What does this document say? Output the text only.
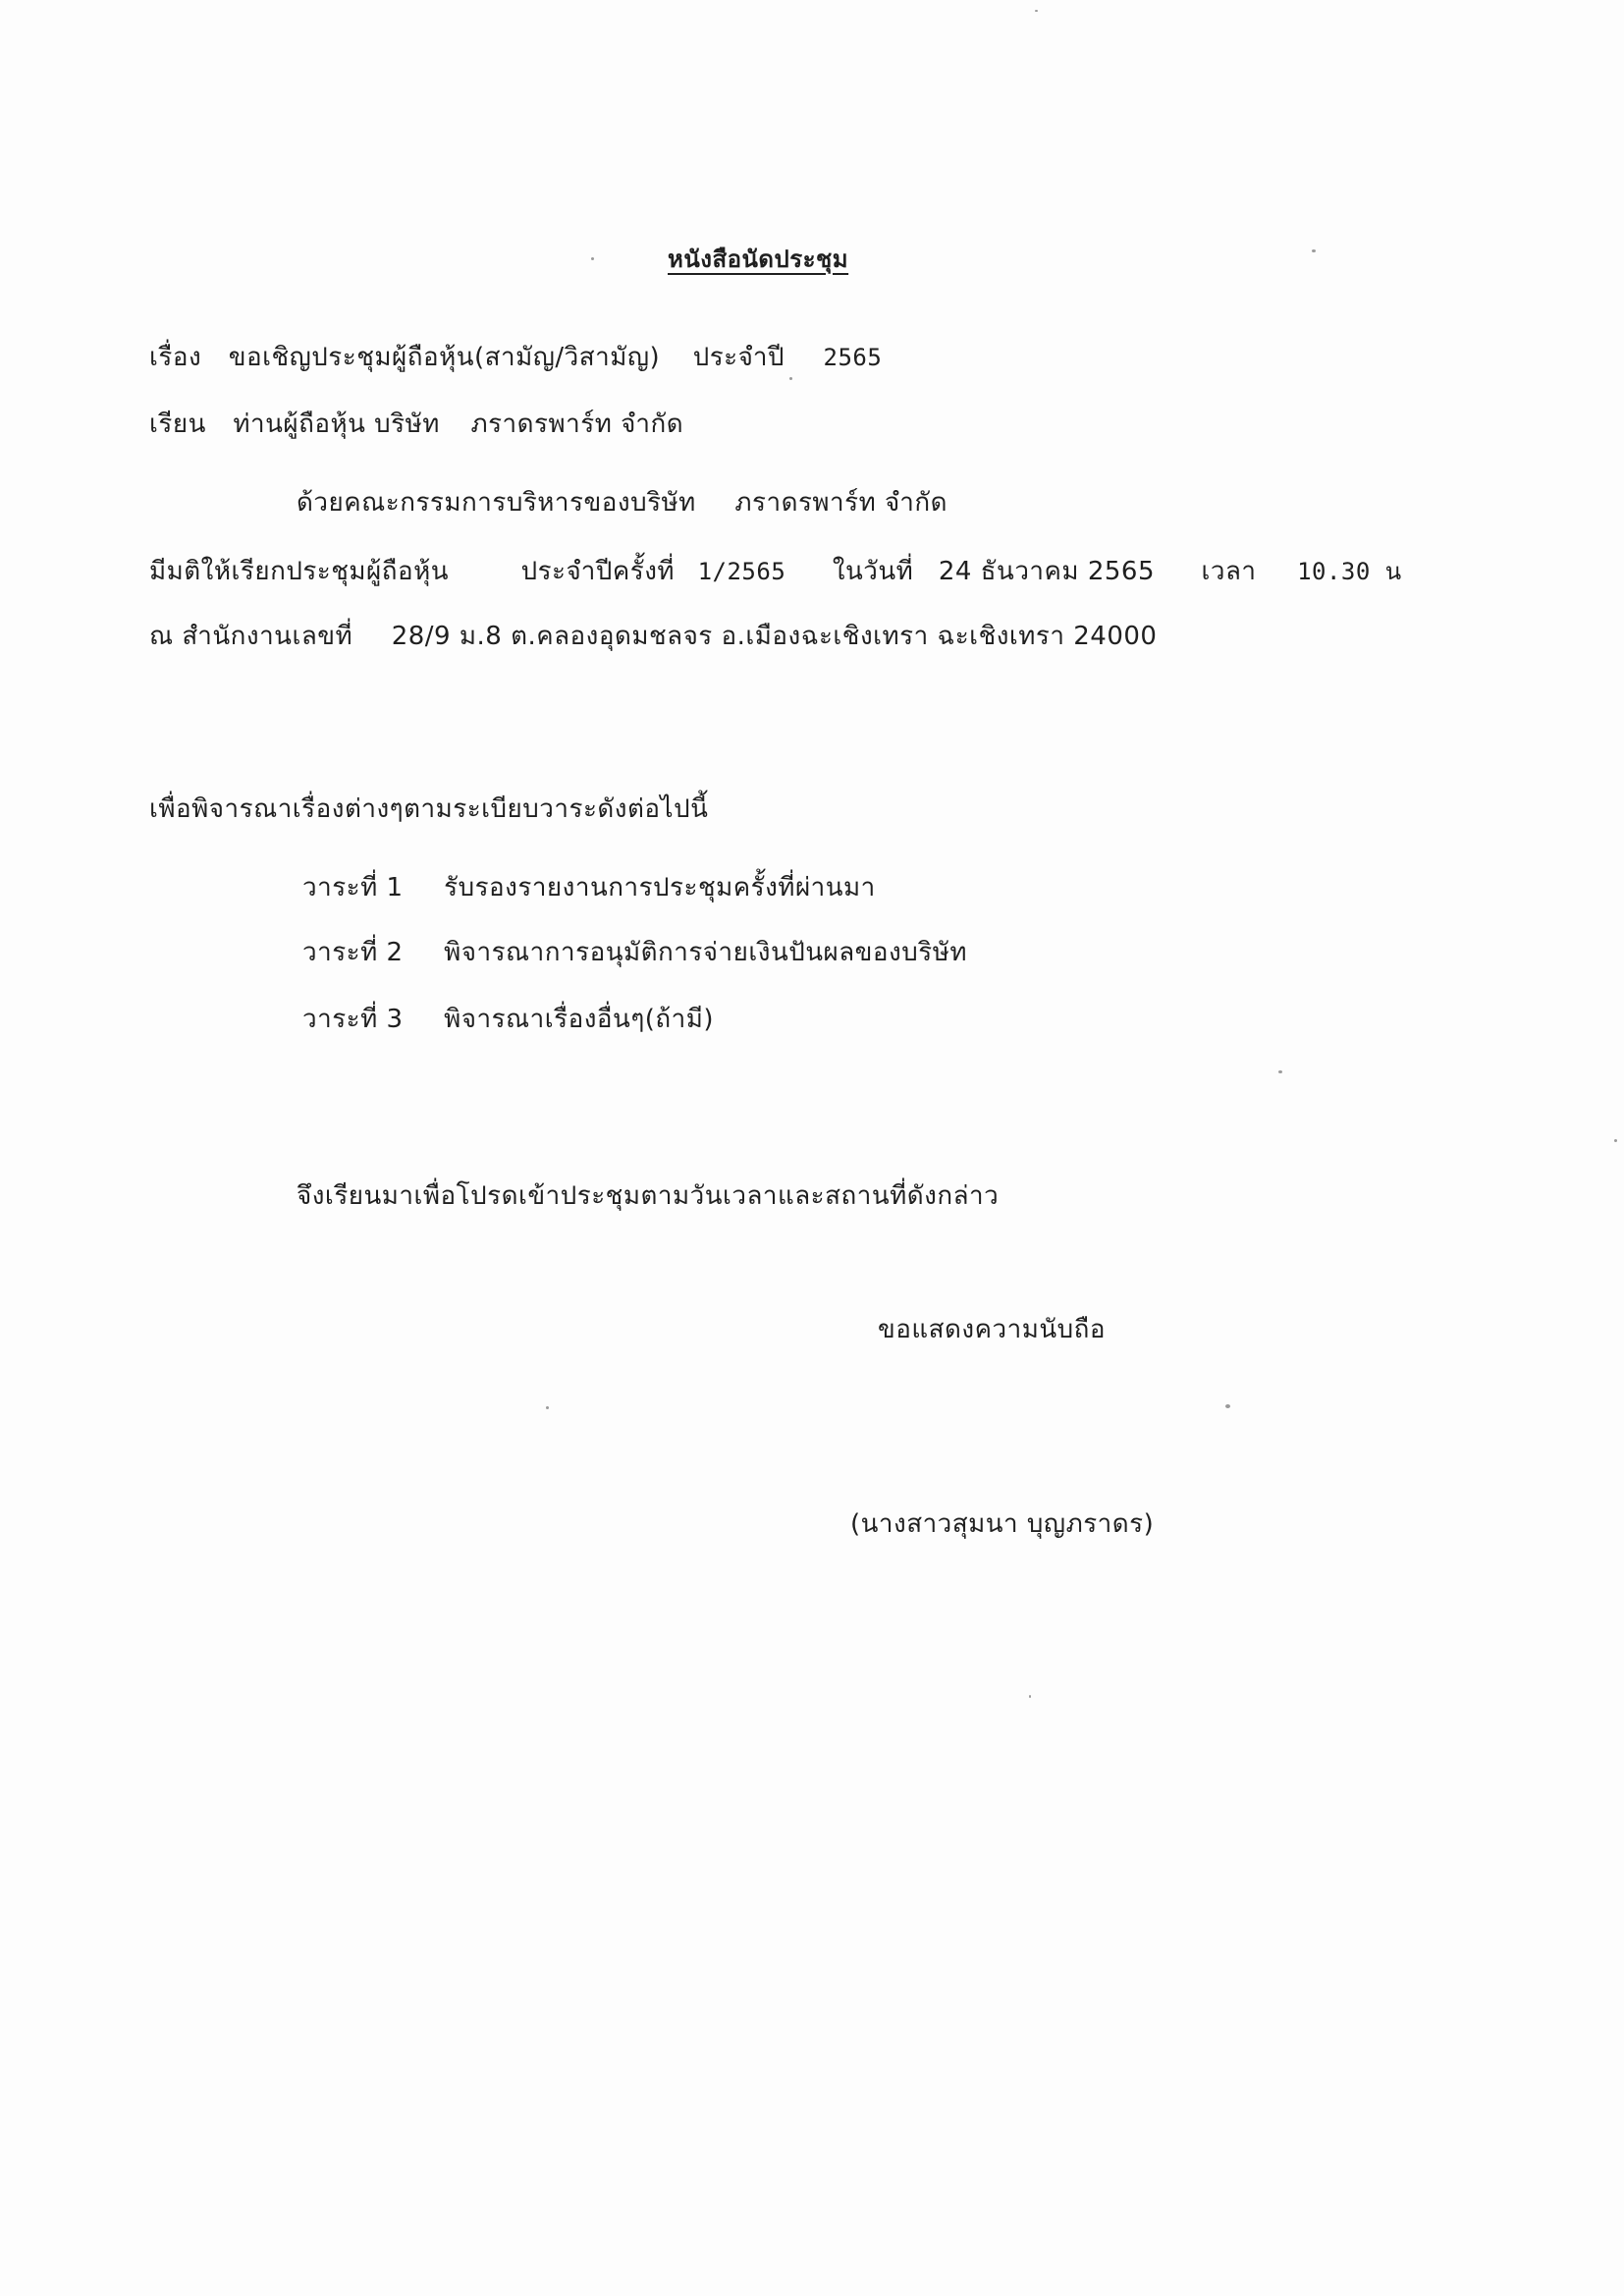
หนังสือนัดประชุม
เรื่อง ขอเชิญประชุมผู้ถือหุ้น(สามัญ/วิสามัญ) ประจำปี 2565
เรียน ท่านผู้ถือหุ้น บริษัท ภราดรพาร์ท จำกัด
ด้วยคณะกรรมการบริหารของบริษัท ภราดรพาร์ท จำกัด
มีมติให้เรียกประชุมผู้ถือหุ้น	ประจำปีครั้งที่ 1/2565 ในวันที่ 24 ธันวาคม 2565 เวลา 10.30 น
ณ สำนักงานเลขที่ 28/9 ม.8 ต.คลองอุดมชลจร อ.เมืองฉะเชิงเทรา ฉะเชิงเทรา 24000
เพื่อพิจารณาเรื่องต่างๆตามระเบียบวาระดังต่อไปนี้
วาระที่ 1 รับรองรายงานการประชุมครั้งที่ผ่านมา
วาระที่ 2 พิจารณาการอนุมัติการจ่ายเงินปันผลของบริษัท
วาระที่ 3 พิจารณาเรื่องอื่นๆ(ถ้ามี)
จึงเรียนมาเพื่อโปรดเข้าประชุมตามวันเวลาและสถานที่ดังกล่าว
ขอแสดงความนับถือ
(นางสาวสุมนา บุญภราดร)
